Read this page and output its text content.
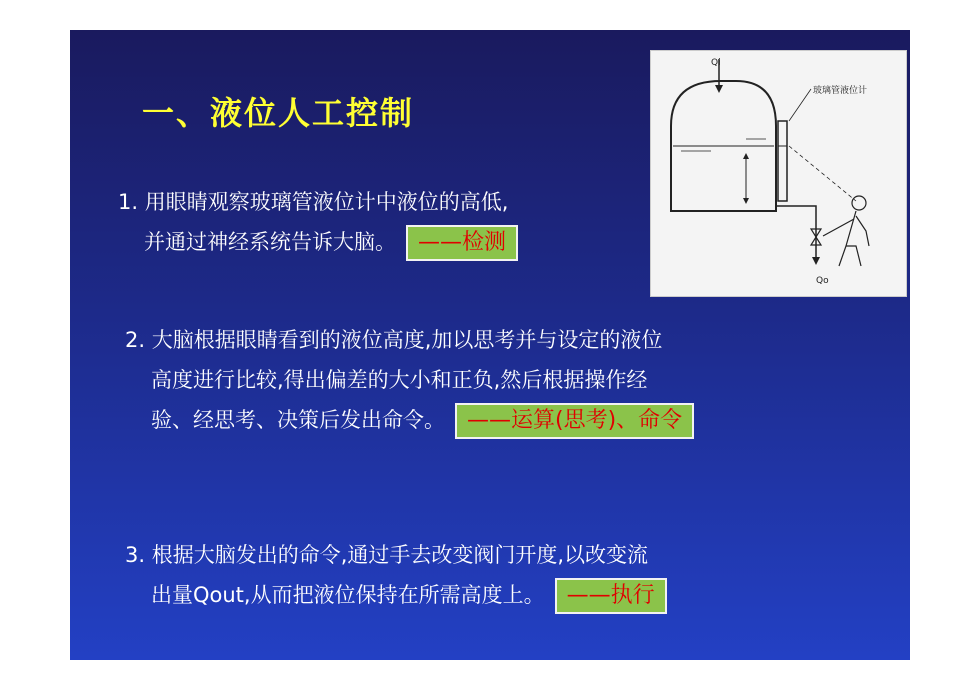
一、液位人工控制
1. 用眼睛观察玻璃管液位计中液位的高低,
并通过神经系统告诉大脑。 ——检测
2. 大脑根据眼睛看到的液位高度,加以思考并与设定的液位
高度进行比较,得出偏差的大小和正负,然后根据操作经
验、经思考、决策后发出命令。 ——运算(思考)、命令
3. 根据大脑发出的命令,通过手去改变阀门开度,以改变流
出量Qout,从而把液位保持在所需高度上。 ——执行
Qi
玻璃管液位计
Qo
